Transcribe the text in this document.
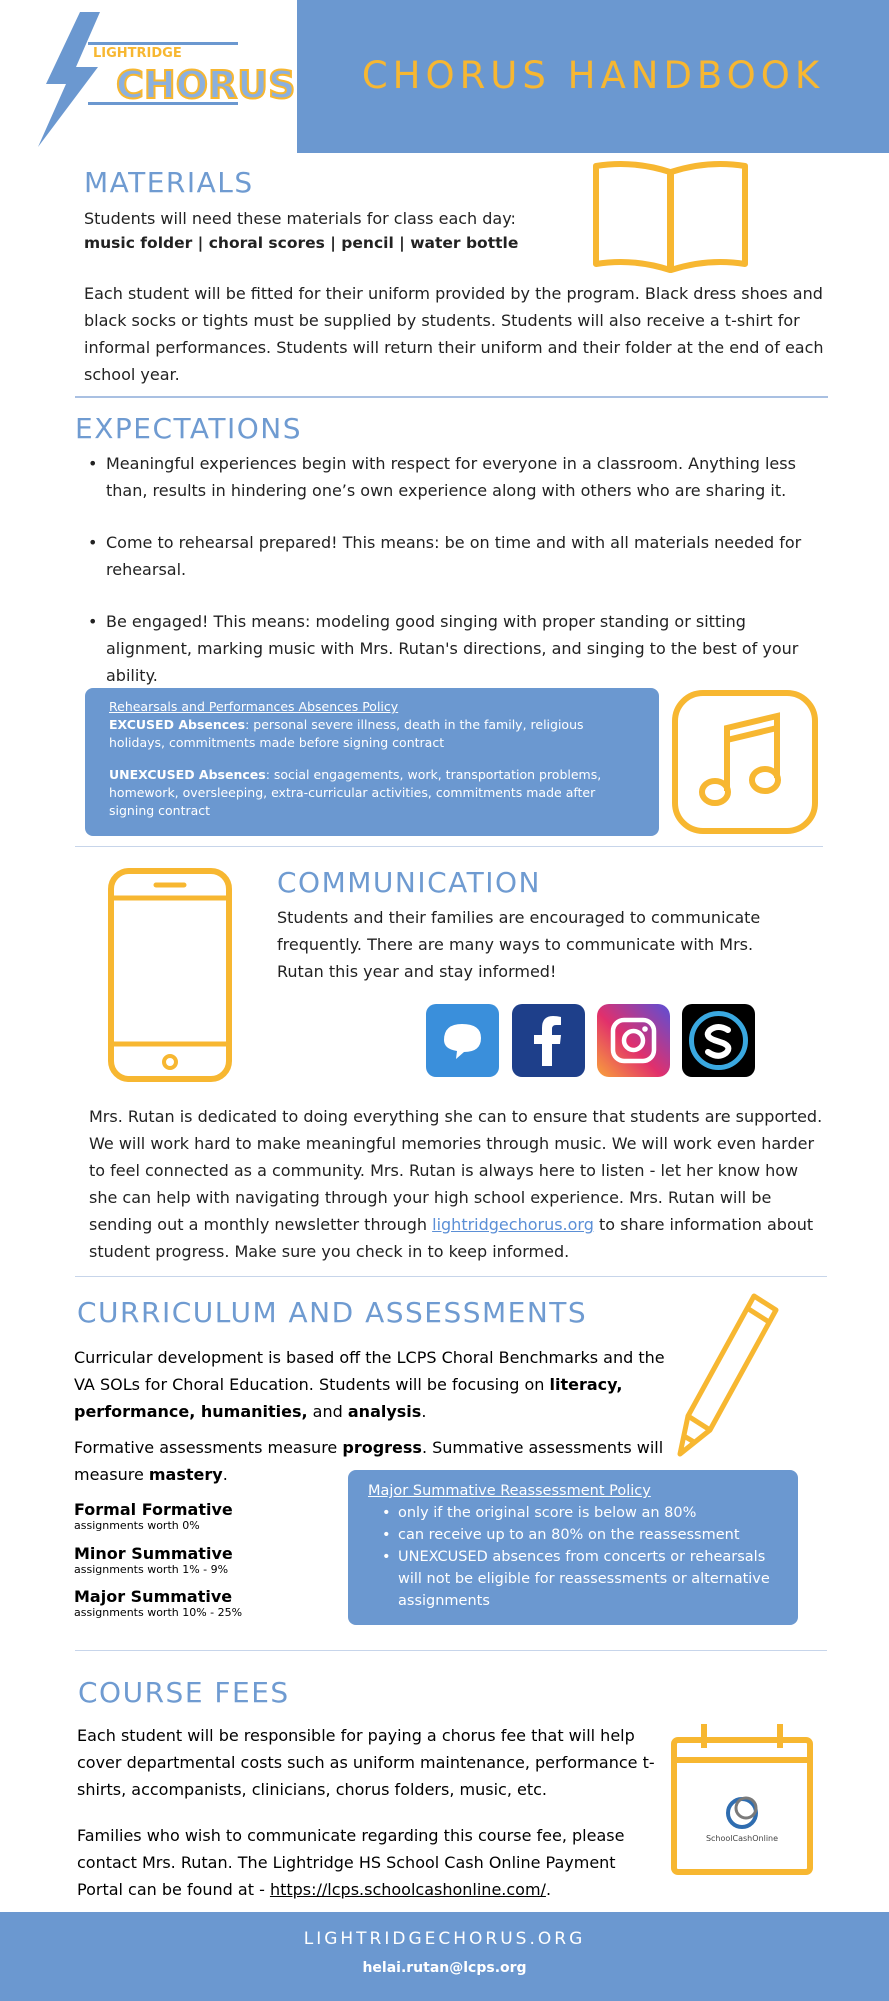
CHORUS HANDBOOK
LIGHTRIDGE
CHORUS
MATERIALS
Students will need these materials for class each day:
music folder | choral scores | pencil | water bottle
Each student will be fitted for their uniform provided by the program. Black dress shoes and black socks or tights must be supplied by students. Students will also receive a t-shirt for informal performances. Students will return their uniform and their folder at the end of each school year.
EXPECTATIONS
• Meaningful experiences begin with respect for everyone in a classroom. Anything less than, results in hindering one’s own experience along with others who are sharing it.
• Come to rehearsal prepared! This means: be on time and with all materials needed for rehearsal.
• Be engaged! This means: modeling good singing with proper standing or sitting alignment, marking music with Mrs. Rutan's directions, and singing to the best of your ability.
Rehearsals and Performances Absences Policy
EXCUSED Absences: personal severe illness, death in the family, religious holidays, commitments made before signing contract
UNEXCUSED Absences: social engagements, work, transportation problems, homework, oversleeping, extra-curricular activities, commitments made after signing contract
COMMUNICATION
Students and their families are encouraged to communicate frequently. There are many ways to communicate with Mrs. Rutan this year and stay informed!
Mrs. Rutan is dedicated to doing everything she can to ensure that students are supported. We will work hard to make meaningful memories through music. We will work even harder to feel connected as a community. Mrs. Rutan is always here to listen - let her know how she can help with navigating through your high school experience. Mrs. Rutan will be sending out a monthly newsletter through lightridgechorus.org to share information about student progress. Make sure you check in to keep informed.
CURRICULUM AND ASSESSMENTS
Curricular development is based off the LCPS Choral Benchmarks and the VA SOLs for Choral Education. Students will be focusing on literacy, performance, humanities, and analysis.
Formative assessments measure progress. Summative assessments will measure mastery.
Formal Formative
assignments worth 0%
Minor Summative
assignments worth 1% - 9%
Major Summative
assignments worth 10% - 25%
Major Summative Reassessment Policy
• only if the original score is below an 80%
• can receive up to an 80% on the reassessment
• UNEXCUSED absences from concerts or rehearsals will not be eligible for reassessments or alternative assignments
COURSE FEES
Each student will be responsible for paying a chorus fee that will help cover departmental costs such as uniform maintenance, performance t-shirts, accompanists, clinicians, chorus folders, music, etc.
Families who wish to communicate regarding this course fee, please contact Mrs. Rutan. The Lightridge HS School Cash Online Payment Portal can be found at - https://lcps.schoolcashonline.com/.
SchoolCashOnline
LIGHTRIDGECHORUS.ORG
helai.rutan@lcps.org
